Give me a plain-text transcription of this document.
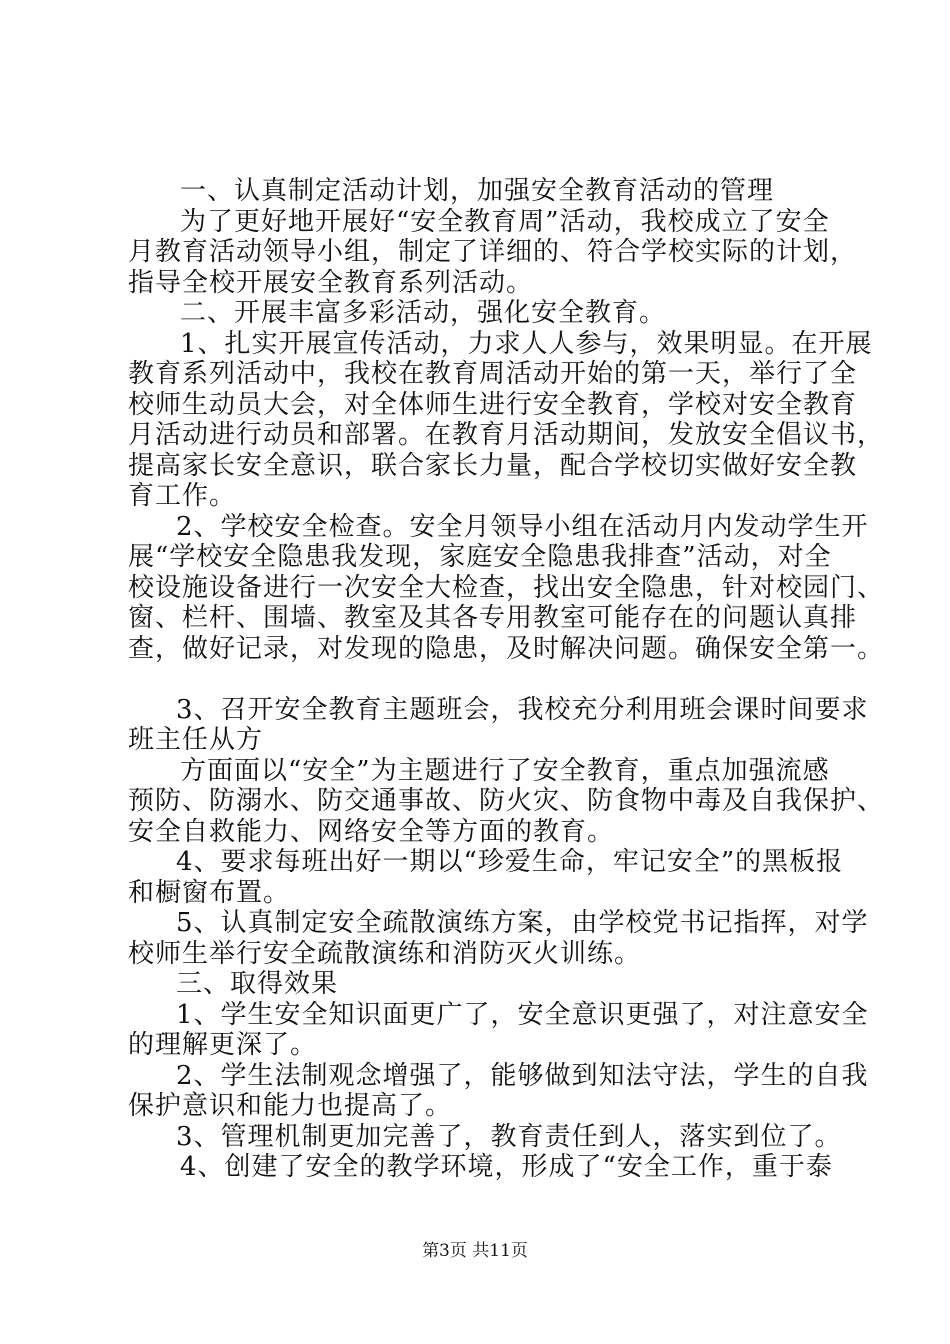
一、认真制定活动计划，加强安全教育活动的管理
为了更好地开展好“安全教育周”活动，我校成立了安全
月教育活动领导小组，制定了详细的、符合学校实际的计划，
指导全校开展安全教育系列活动。
二、开展丰富多彩活动，强化安全教育。
1、扎实开展宣传活动，力求人人参与，效果明显。在开展
教育系列活动中，我校在教育周活动开始的第一天，举行了全
校师生动员大会，对全体师生进行安全教育，学校对安全教育
月活动进行动员和部署。在教育月活动期间，发放安全倡议书，
提高家长安全意识，联合家长力量，配合学校切实做好安全教
育工作。
2、学校安全检查。安全月领导小组在活动月内发动学生开
展“学校安全隐患我发现，家庭安全隐患我排查”活动，对全
校设施设备进行一次安全大检查，找出安全隐患，针对校园门、
窗、栏杆、围墙、教室及其各专用教室可能存在的问题认真排
查，做好记录，对发现的隐患，及时解决问题。确保安全第一。
3、召开安全教育主题班会，我校充分利用班会课时间要求
班主任从方
方面面以“安全”为主题进行了安全教育，重点加强流感
预防、防溺水、防交通事故、防火灾、防食物中毒及自我保护、
安全自救能力、网络安全等方面的教育。
4、要求每班出好一期以“珍爱生命，牢记安全”的黑板报
和橱窗布置。
5、认真制定安全疏散演练方案，由学校党书记指挥，对学
校师生举行安全疏散演练和消防灭火训练。
三、取得效果
1、学生安全知识面更广了，安全意识更强了，对注意安全
的理解更深了。
2、学生法制观念增强了，能够做到知法守法，学生的自我
保护意识和能力也提高了。
3、管理机制更加完善了，教育责任到人，落实到位了。
4、创建了安全的教学环境，形成了“安全工作，重于泰
第3页 共11页
